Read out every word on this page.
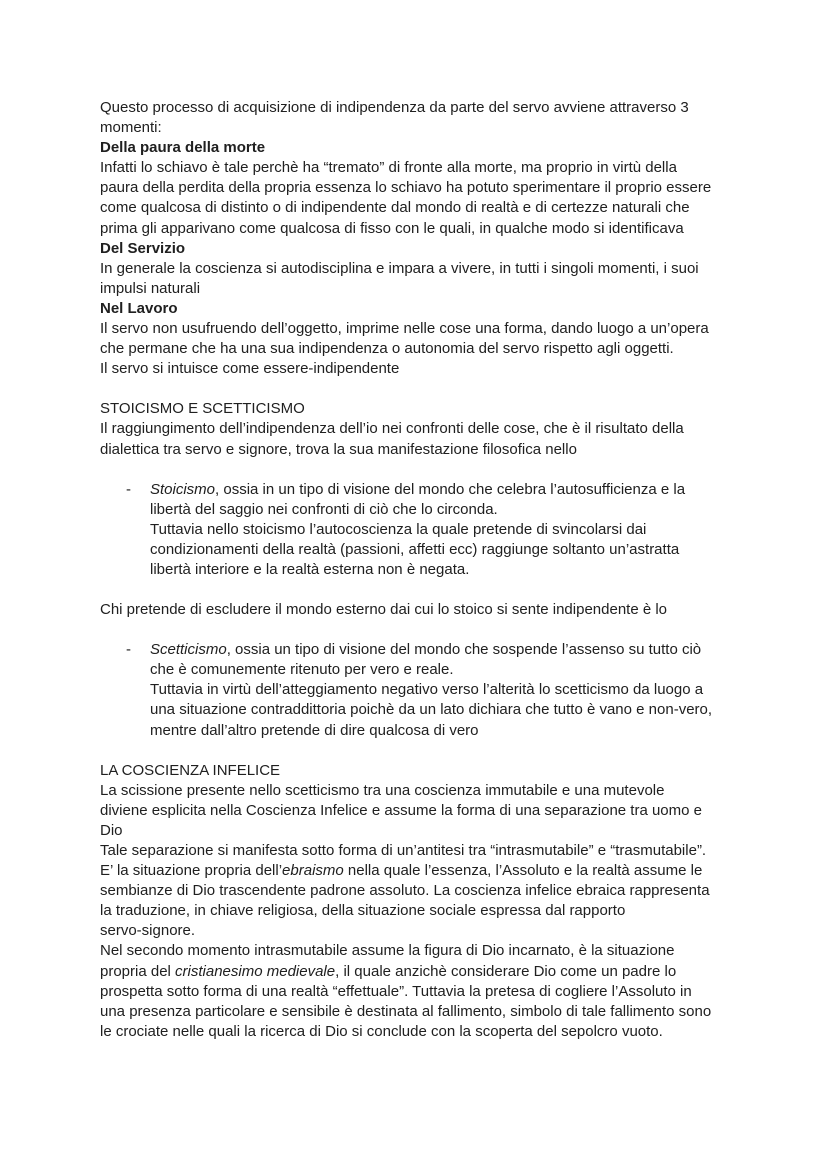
Questo processo di acquisizione di indipendenza da parte del servo avviene attraverso 3
momenti:

Della paura della morte

Infatti lo schiavo è tale perchè ha “tremato” di fronte alla morte, ma proprio in virtù della
paura della perdita della propria essenza lo schiavo ha potuto sperimentare il proprio essere
come qualcosa di distinto o di indipendente dal mondo di realtà e di certezze naturali che
prima gli apparivano come qualcosa di fisso con le quali, in qualche modo si identificava

Del Servizio

In generale la coscienza si autodisciplina e impara a vivere, in tutti i singoli momenti, i suoi
impulsi naturali

Nel Lavoro

Il servo non usufruendo dell’oggetto, imprime nelle cose una forma, dando luogo a un’opera
che permane che ha una sua indipendenza o autonomia del servo rispetto agli oggetti.
Il servo si intuisce come essere-indipendente

STOICISMO E SCETTICISMO

Il raggiungimento dell’indipendenza dell’io nei confronti delle cose, che è il risultato della
dialettica tra servo e signore, trova la sua manifestazione filosofica nello

- Stoicismo, ossia in un tipo di visione del mondo che celebra l’autosufficienza e la
libertà del saggio nei confronti di ciò che lo circonda.
Tuttavia nello stoicismo l’autocoscienza la quale pretende di svincolarsi dai
condizionamenti della realtà (passioni, affetti ecc) raggiunge soltanto un’astratta
libertà interiore e la realtà esterna non è negata.

Chi pretende di escludere il mondo esterno dai cui lo stoico si sente indipendente è lo

- Scetticismo, ossia un tipo di visione del mondo che sospende l’assenso su tutto ciò
che è comunemente ritenuto per vero e reale.
Tuttavia in virtù dell’atteggiamento negativo verso l’alterità lo scetticismo da luogo a
una situazione contraddittoria poichè da un lato dichiara che tutto è vano e non-vero,
mentre dall’altro pretende di dire qualcosa di vero

LA COSCIENZA INFELICE

La scissione presente nello scetticismo tra una coscienza immutabile e una mutevole
diviene esplicita nella Coscienza Infelice e assume la forma di una separazione tra uomo e
Dio
Tale separazione si manifesta sotto forma di un’antitesi tra “intrasmutabile” e “trasmutabile”.
E’ la situazione propria dell’ebraismo nella quale l’essenza, l’Assoluto e la realtà assume le
sembianze di Dio trascendente padrone assoluto. La coscienza infelice ebraica rappresenta
la traduzione, in chiave religiosa, della situazione sociale espressa dal rapporto
servo-signore.
Nel secondo momento intrasmutabile assume la figura di Dio incarnato, è la situazione
propria del cristianesimo medievale, il quale anzichè considerare Dio come un padre lo
prospetta sotto forma di una realtà “effettuale”. Tuttavia la pretesa di cogliere l’Assoluto in
una presenza particolare e sensibile è destinata al fallimento, simbolo di tale fallimento sono
le crociate nelle quali la ricerca di Dio si conclude con la scoperta del sepolcro vuoto.
